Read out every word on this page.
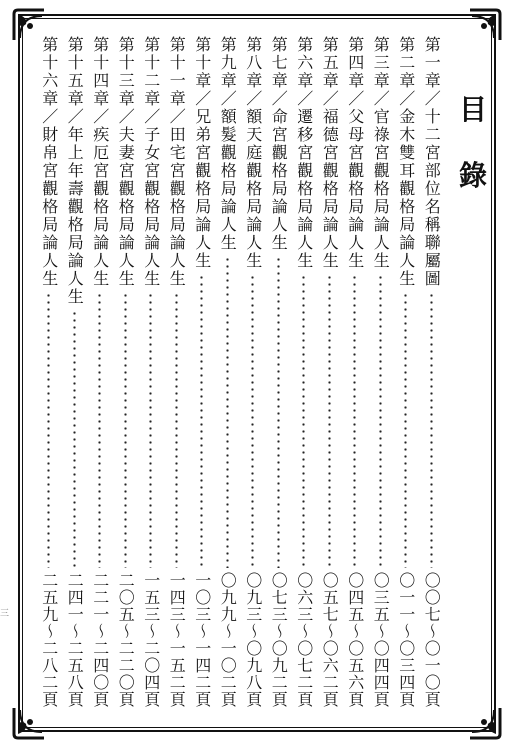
目
錄
第一章／十二宮部位名稱聯屬圖
〇〇七～〇一〇頁
第二章／金木雙耳觀格局論人生
〇一一～〇三四頁
第三章／官祿宮觀格局論人生
〇三五～〇四四頁
第四章／父母宮觀格局論人生
〇四五～〇五六頁
第五章／福德宮觀格局論人生
〇五七～〇六二頁
第六章／遷移宮觀格局論人生
〇六三～〇七二頁
第七章／命宮觀格局論人生
〇七三～〇九二頁
第八章／額天庭觀格局論人生
〇九三～〇九八頁
第九章／額髮觀格局論人生
〇九九～一〇二頁
第十章／兄弟宮觀格局論人生
一〇三～一四二頁
第十一章／田宅宮觀格局論人生
一四三～一五二頁
第十二章／子女宮觀格局論人生
一五三～二〇四頁
第十三章／夫妻宮觀格局論人生
二〇五～二二〇頁
第十四章／疾厄宮觀格局論人生
二二一～二四〇頁
第十五章／年上年壽觀格局論人生
二四一～二五八頁
第十六章／財帛宮觀格局論人生
二五九～二八二頁
三
